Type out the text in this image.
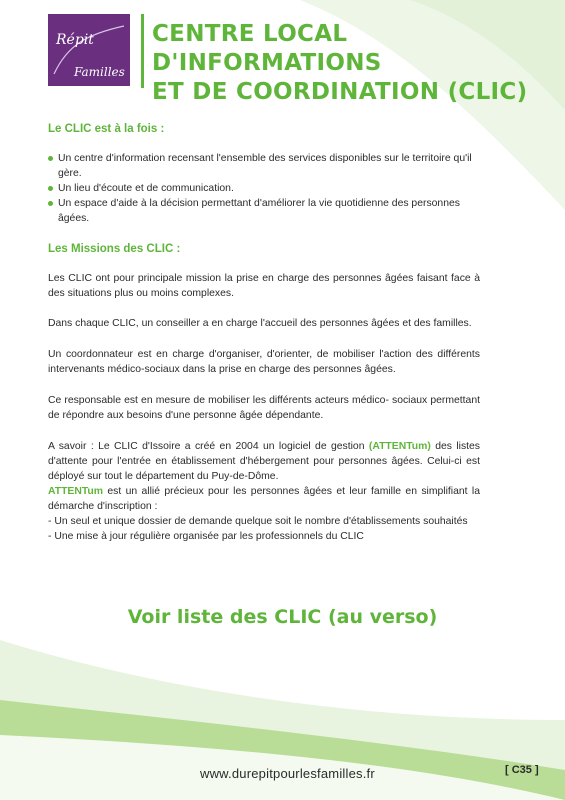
Répit
Familles
CENTRE LOCAL D'INFORMATIONS
ET DE COORDINATION (CLIC)
Le CLIC est à la fois :
Un centre d'information recensant l'ensemble des services disponibles sur le territoire qu'il gère.
Un lieu d'écoute et de communication.
Un espace d'aide à la décision permettant d'améliorer la vie quotidienne des personnes âgées.
Les Missions des CLIC :

Les CLIC ont pour principale mission la prise en charge des personnes âgées faisant face à des situations plus ou moins complexes.

Dans chaque CLIC, un conseiller a en charge l'accueil des personnes âgées et des familles.

Un coordonnateur est en charge d'organiser, d'orienter, de mobiliser l'action des différents intervenants médico-sociaux dans la prise en charge des personnes âgées.

Ce responsable est en mesure de mobiliser les différents acteurs médico- sociaux permettant de répondre aux besoins d'une personne âgée dépendante.

A savoir : Le CLIC d'Issoire a créé en 2004 un logiciel de gestion (ATTENTum) des listes d'attente pour l'entrée en établissement d'hébergement pour personnes âgées. Celui-ci est déployé sur tout le département du Puy-de-Dôme.

ATTENTum est un allié précieux pour les personnes âgées et leur famille en simplifiant la démarche d'inscription :

- Un seul et unique dossier de demande quelque soit le nombre d'établissements souhaités

- Une mise à jour régulière organisée par les professionnels du CLIC

Voir liste des CLIC (au verso)
www.durepitpourlesfamilles.fr	[ C35 ]
